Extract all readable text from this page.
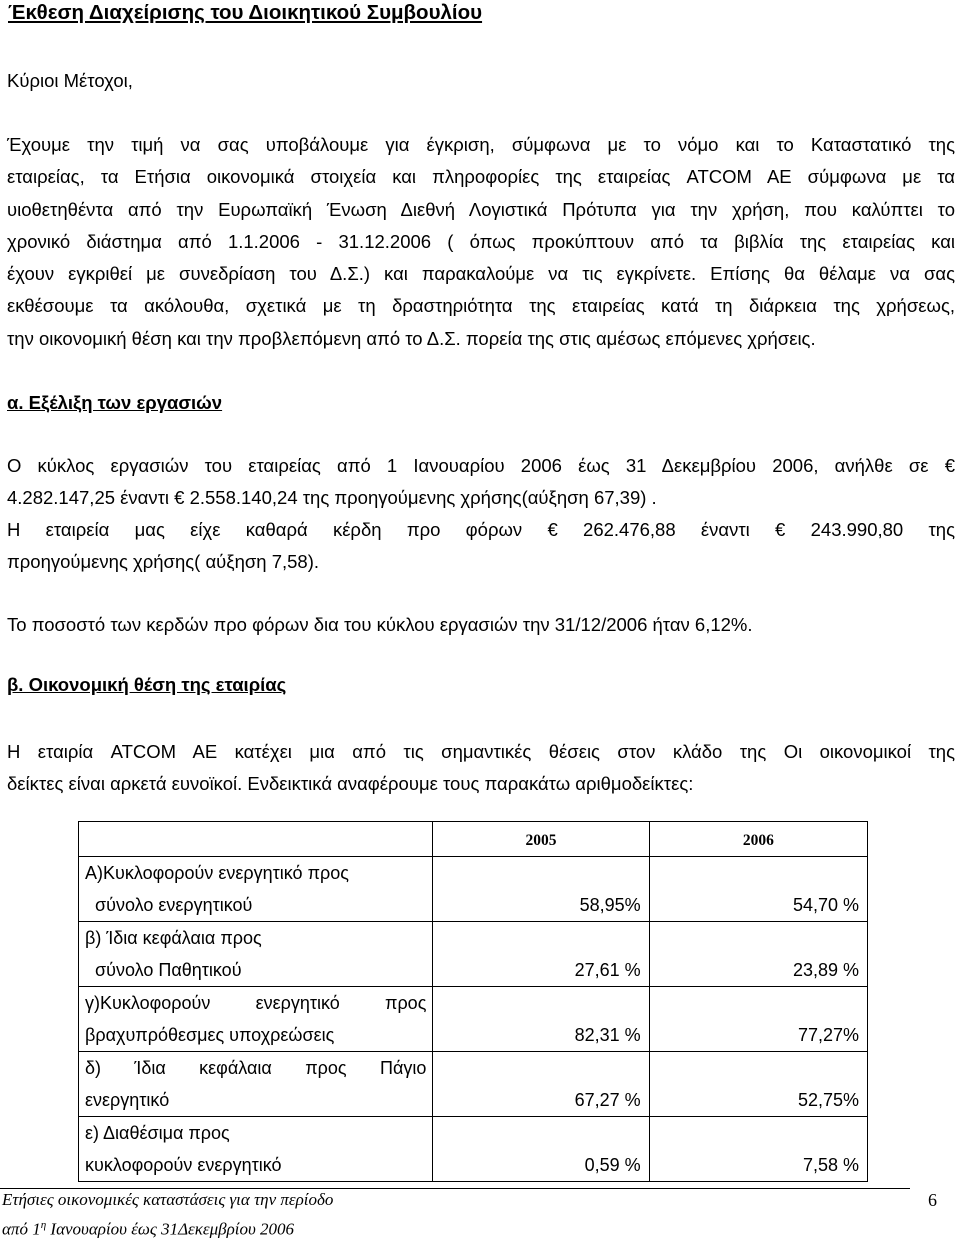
Έκθεση Διαχείρισης του Διοικητικού Συμβουλίου
Κύριοι Μέτοχοι,
Έχουμε την τιμή να σας υποβάλουμε για έγκριση, σύμφωνα με το νόμο και το Καταστατικό της
εταιρείας, τα Ετήσια οικονομικά στοιχεία και πληροφορίες της εταιρείας ATCOM AE σύμφωνα με τα
υιοθετηθέντα από την Ευρωπαϊκή Ένωση Διεθνή Λογιστικά Πρότυπα για την χρήση, που καλύπτει το
χρονικό διάστημα από 1.1.2006 - 31.12.2006 ( όπως προκύπτουν από τα βιβλία της εταιρείας και
έχουν εγκριθεί με συνεδρίαση του Δ.Σ.) και παρακαλούμε να τις εγκρίνετε. Επίσης θα θέλαμε να σας
εκθέσουμε τα ακόλουθα, σχετικά με τη δραστηριότητα της εταιρείας κατά τη διάρκεια της χρήσεως,
την οικονομική θέση και την προβλεπόμενη από το Δ.Σ. πορεία της στις αμέσως επόμενες χρήσεις.
α. Εξέλιξη των εργασιών
Ο κύκλος εργασιών του εταιρείας από 1 Ιανουαρίου 2006 έως 31 Δεκεμβρίου 2006, ανήλθε σε €
4.282.147,25 έναντι € 2.558.140,24 της προηγούμενης χρήσης(αύξηση 67,39) .
Η εταιρεία μας είχε καθαρά κέρδη προ φόρων € 262.476,88 έναντι € 243.990,80 της
προηγούμενης χρήσης( αύξηση 7,58).
Το ποσοστό των κερδών προ φόρων δια του κύκλου εργασιών την 31/12/2006 ήταν 6,12%.
β. Οικονομική θέση της εταιρίας
Η εταιρία ATCOM AE κατέχει μια από τις σημαντικές θέσεις στον κλάδο της Οι οικονομικοί της
δείκτες είναι αρκετά ευνοϊκοί. Ενδεικτικά αναφέρουμε τους παρακάτω αριθμοδείκτες:

	2005	2006

Α)Κυκλοφορούν ενεργητικό προς
σύνολο ενεργητικού	58,95%	54,70 %

β) Ίδια κεφάλαια προς
σύνολο Παθητικού	27,61 %	23,89 %

γ)Κυκλοφορούν ενεργητικό προς
βραχυπρόθεσμες υποχρεώσεις	82,31 %	77,27%

δ) Ίδια κεφάλαια προς Πάγιο
ενεργητικό	67,27 %	52,75%

ε) Διαθέσιμα προς
κυκλοφορούν ενεργητικό	0,59 %	7,58 %
Ετήσιες οικονομικές καταστάσεις για την περίοδο
από $1^\eta$ Ιανουαρίου έως 31Δεκεμβρίου 2006
6
